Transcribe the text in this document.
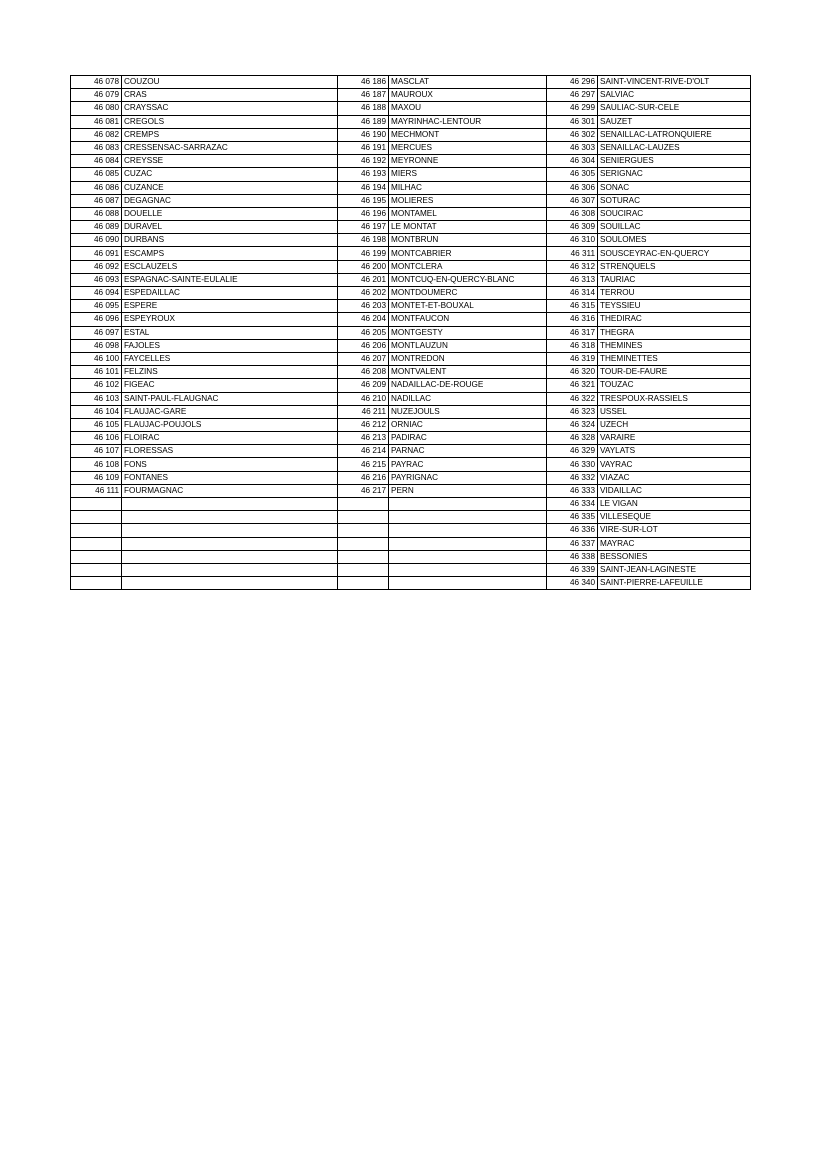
46 078	COUZOU	46 186	MASCLAT	46 296	SAINT-VINCENT-RIVE-D'OLT
46 079	CRAS	46 187	MAUROUX	46 297	SALVIAC
46 080	CRAYSSAC	46 188	MAXOU	46 299	SAULIAC-SUR-CELE
46 081	CREGOLS	46 189	MAYRINHAC-LENTOUR	46 301	SAUZET
46 082	CREMPS	46 190	MECHMONT	46 302	SENAILLAC-LATRONQUIERE
46 083	CRESSENSAC-SARRAZAC	46 191	MERCUES	46 303	SENAILLAC-LAUZES
46 084	CREYSSE	46 192	MEYRONNE	46 304	SENIERGUES
46 085	CUZAC	46 193	MIERS	46 305	SERIGNAC
46 086	CUZANCE	46 194	MILHAC	46 306	SONAC
46 087	DEGAGNAC	46 195	MOLIERES	46 307	SOTURAC
46 088	DOUELLE	46 196	MONTAMEL	46 308	SOUCIRAC
46 089	DURAVEL	46 197	LE MONTAT	46 309	SOUILLAC
46 090	DURBANS	46 198	MONTBRUN	46 310	SOULOMES
46 091	ESCAMPS	46 199	MONTCABRIER	46 311	SOUSCEYRAC-EN-QUERCY
46 092	ESCLAUZELS	46 200	MONTCLERA	46 312	STRENQUELS
46 093	ESPAGNAC-SAINTE-EULALIE	46 201	MONTCUQ-EN-QUERCY-BLANC	46 313	TAURIAC
46 094	ESPEDAILLAC	46 202	MONTDOUMERC	46 314	TERROU
46 095	ESPERE	46 203	MONTET-ET-BOUXAL	46 315	TEYSSIEU
46 096	ESPEYROUX	46 204	MONTFAUCON	46 316	THEDIRAC
46 097	ESTAL	46 205	MONTGESTY	46 317	THEGRA
46 098	FAJOLES	46 206	MONTLAUZUN	46 318	THEMINES
46 100	FAYCELLES	46 207	MONTREDON	46 319	THEMINETTES
46 101	FELZINS	46 208	MONTVALENT	46 320	TOUR-DE-FAURE
46 102	FIGEAC	46 209	NADAILLAC-DE-ROUGE	46 321	TOUZAC
46 103	SAINT-PAUL-FLAUGNAC	46 210	NADILLAC	46 322	TRESPOUX-RASSIELS
46 104	FLAUJAC-GARE	46 211	NUZEJOULS	46 323	USSEL
46 105	FLAUJAC-POUJOLS	46 212	ORNIAC	46 324	UZECH
46 106	FLOIRAC	46 213	PADIRAC	46 328	VARAIRE
46 107	FLORESSAS	46 214	PARNAC	46 329	VAYLATS
46 108	FONS	46 215	PAYRAC	46 330	VAYRAC
46 109	FONTANES	46 216	PAYRIGNAC	46 332	VIAZAC
46 111	FOURMAGNAC	46 217	PERN	46 333	VIDAILLAC
				46 334	LE VIGAN
				46 335	VILLESEQUE
				46 336	VIRE-SUR-LOT
				46 337	MAYRAC
				46 338	BESSONIES
				46 339	SAINT-JEAN-LAGINESTE
				46 340	SAINT-PIERRE-LAFEUILLE
